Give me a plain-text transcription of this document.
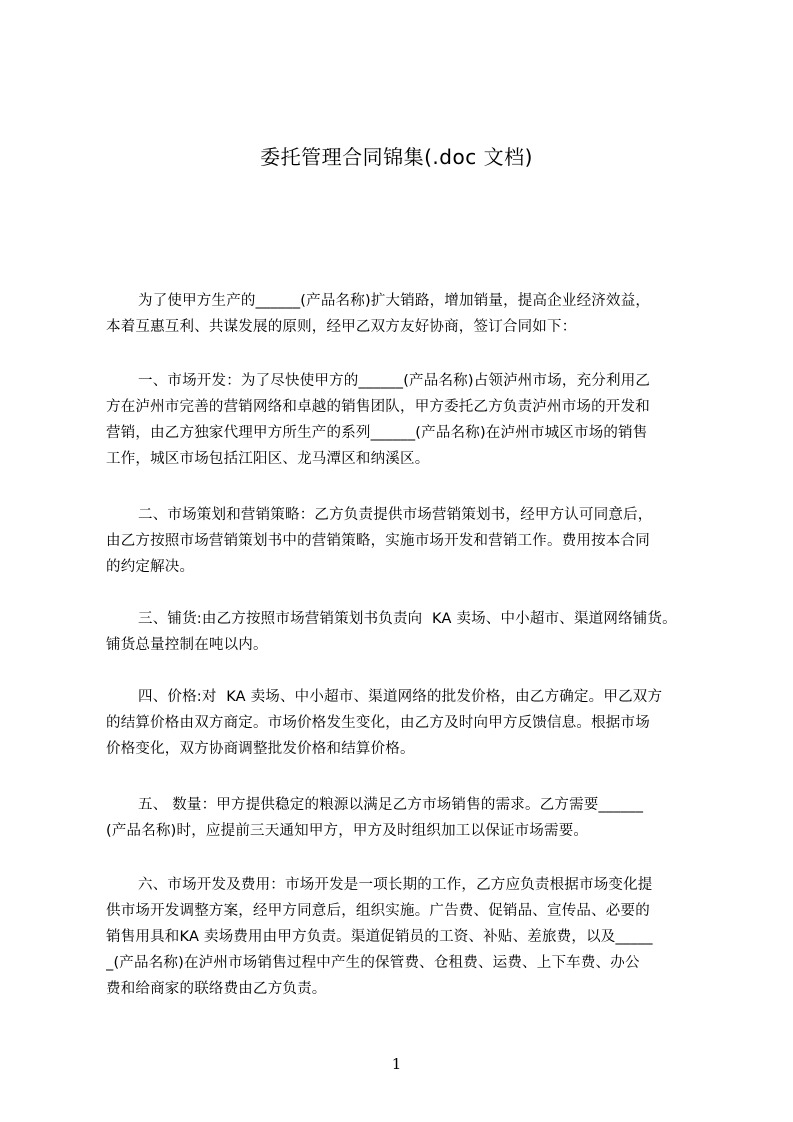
委托管理合同锦集(.doc 文档)
为了使甲方生产的______(产品名称)扩大销路，增加销量，提高企业经济效益，
本着互惠互利、共谋发展的原则，经甲乙双方友好协商，签订合同如下：
一、市场开发：为了尽快使甲方的______(产品名称)占领泸州市场，充分利用乙
方在泸州市完善的营销网络和卓越的销售团队，甲方委托乙方负责泸州市场的开发和
营销，由乙方独家代理甲方所生产的系列______(产品名称)在泸州市城区市场的销售
工作，城区市场包括江阳区、龙马潭区和纳溪区。
二、市场策划和营销策略：乙方负责提供市场营销策划书，经甲方认可同意后，
由乙方按照市场营销策划书中的营销策略，实施市场开发和营销工作。费用按本合同
的约定解决。
三、铺货:由乙方按照市场营销策划书负责向  KA 卖场、中小超市、渠道网络铺货。
铺货总量控制在吨以内。
四、价格:对  KA 卖场、中小超市、渠道网络的批发价格，由乙方确定。甲乙双方
的结算价格由双方商定。市场价格发生变化，由乙方及时向甲方反馈信息。根据市场
价格变化，双方协商调整批发价格和结算价格。
五、 数量：甲方提供稳定的粮源以满足乙方市场销售的需求。乙方需要______
(产品名称)时，应提前三天通知甲方，甲方及时组织加工以保证市场需要。
六、市场开发及费用：市场开发是一项长期的工作，乙方应负责根据市场变化提
供市场开发调整方案，经甲方同意后，组织实施。广告费、促销品、宣传品、必要的
销售用具和KA 卖场费用由甲方负责。渠道促销员的工资、补贴、差旅费，以及_____
_(产品名称)在泸州市场销售过程中产生的保管费、仓租费、运费、上下车费、办公
费和给商家的联络费由乙方负责。
1
